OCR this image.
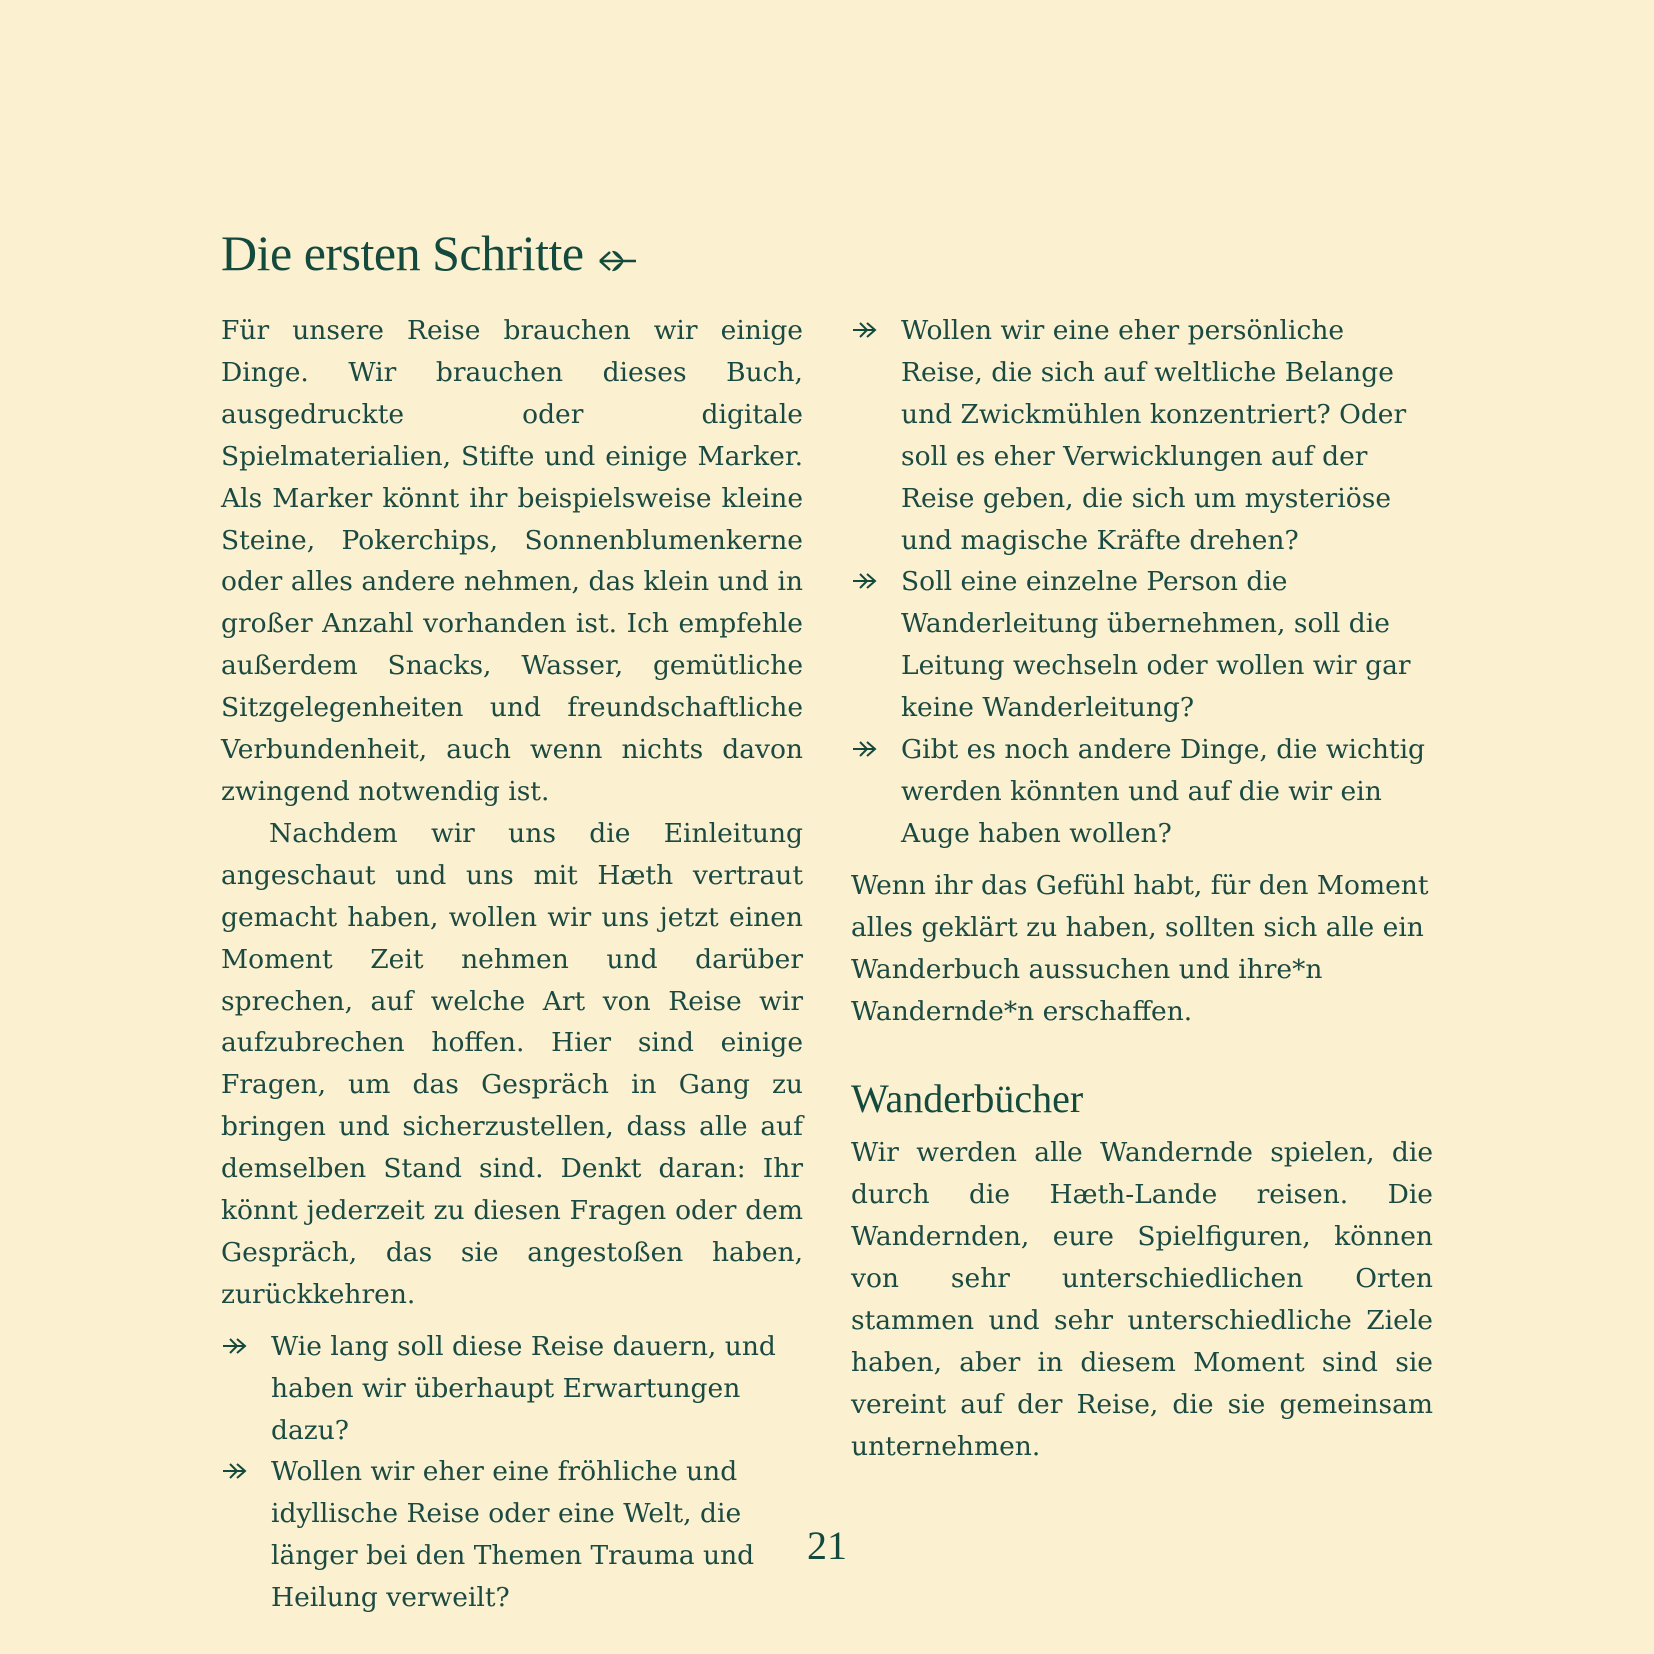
Die ersten Schritte

Für unsere Reise brauchen wir einige Dinge. Wir brauchen dieses Buch, ausgedruckte oder digitale Spielmaterialien, Stifte und einige Marker. Als Marker könnt ihr beispielsweise kleine Steine, Pokerchips, Sonnenblumenkerne oder alles andere nehmen, das klein und in großer Anzahl vorhanden ist. Ich empfehle außerdem Snacks, Wasser, gemütliche Sitzgelegenheiten und freundschaftliche Verbundenheit, auch wenn nichts davon zwingend notwendig ist.

Nachdem wir uns die Einleitung angeschaut und uns mit Hæth vertraut gemacht haben, wollen wir uns jetzt einen Moment Zeit nehmen und darüber sprechen, auf welche Art von Reise wir aufzubrechen hoffen. Hier sind einige Fragen, um das Gespräch in Gang zu bringen und sicherzustellen, dass alle auf demselben Stand sind. Denkt daran: Ihr könnt jederzeit zu diesen Fragen oder dem Gespräch, das sie angestoßen haben, zurückkehren.

Wie lang soll diese Reise dauern, und haben wir überhaupt Erwartungen dazu?
Wollen wir eher eine fröhliche und idyllische Reise oder eine Welt, die länger bei den Themen Trauma und Heilung verweilt?
Wollen wir eine eher persönliche Reise, die sich auf weltliche Belange und Zwickmühlen konzentriert? Oder soll es eher Verwicklungen auf der Reise geben, die sich um mysteriöse und magische Kräfte drehen?
Soll eine einzelne Person die Wanderleitung übernehmen, soll die Leitung wechseln oder wollen wir gar keine Wanderleitung?
Gibt es noch andere Dinge, die wichtig werden könnten und auf die wir ein Auge haben wollen?

Wenn ihr das Gefühl habt, für den Moment alles geklärt zu haben, sollten sich alle ein Wanderbuch aussuchen und ihre*n Wandernde*n erschaffen.

Wanderbücher

Wir werden alle Wandernde spielen, die durch die Hæth-Lande reisen. Die Wandernden, eure Spielfiguren, können von sehr unterschiedlichen Orten stammen und sehr unterschiedliche Ziele haben, aber in diesem Moment sind sie vereint auf der Reise, die sie gemeinsam unternehmen.

21
